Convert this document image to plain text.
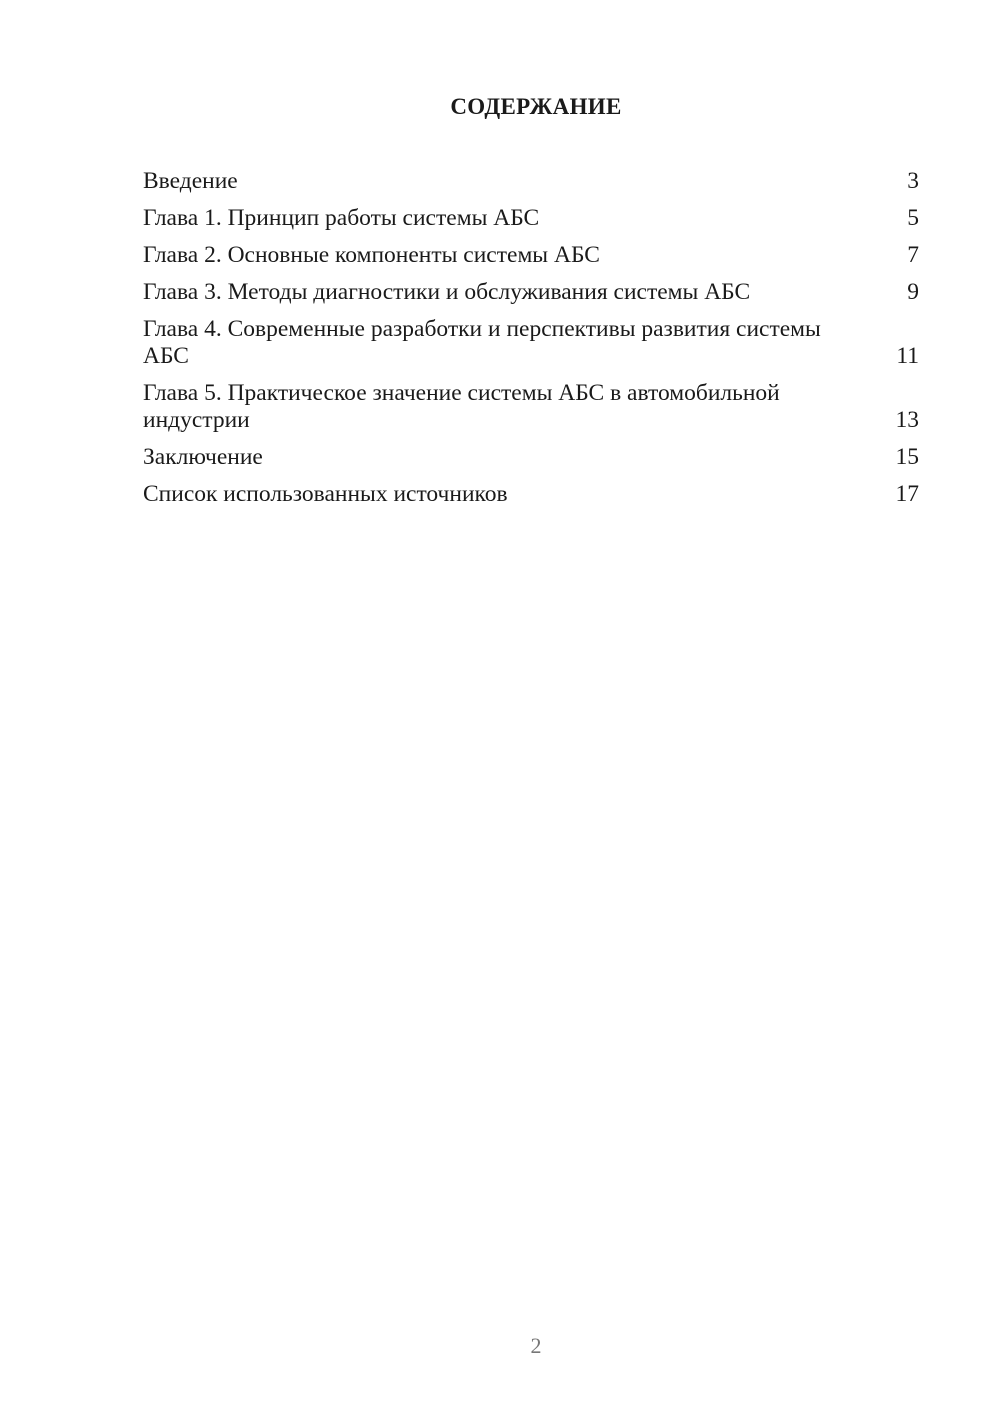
СОДЕРЖАНИЕ
Введение	3
Глава 1. Принцип работы системы АБС	5
Глава 2. Основные компоненты системы АБС	7
Глава 3. Методы диагностики и обслуживания системы АБС	9
Глава 4. Современные разработки и перспективы развития системы АБС	11
Глава 5. Практическое значение системы АБС в автомобильной индустрии	13
Заключение	15
Список использованных источников	17
2
